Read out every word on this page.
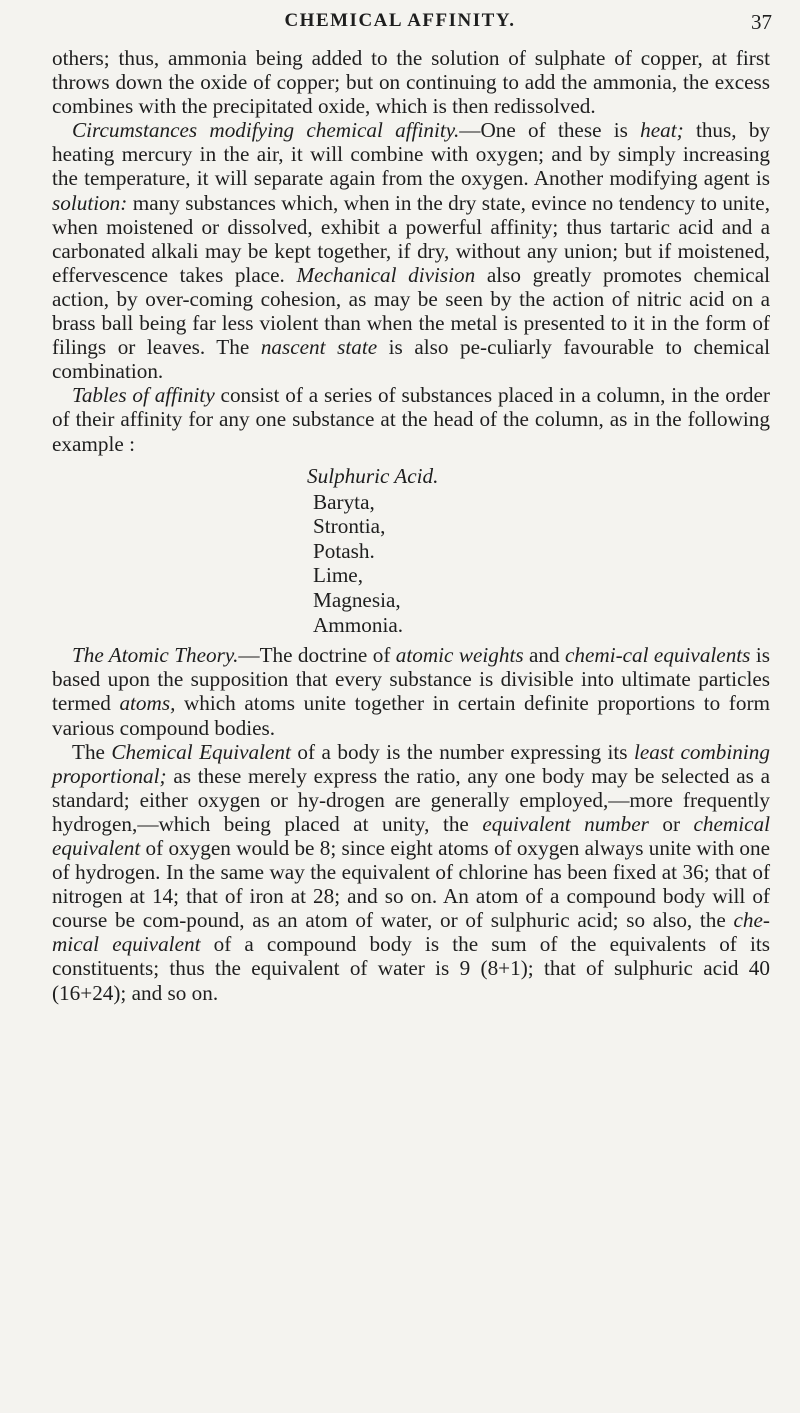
CHEMICAL AFFINITY.	37

others; thus, ammonia being added to the solution of sulphate of copper, at first throws down the oxide of copper; but on continuing to add the ammonia, the excess combines with the precipitated oxide, which is then redissolved.

Circumstances modifying chemical affinity.—One of these is heat; thus, by heating mercury in the air, it will combine with oxygen; and by simply increasing the temperature, it will separate again from the oxygen. Another modifying agent is solution: many substances which, when in the dry state, evince no tendency to unite, when moistened or dissolved, exhibit a powerful affinity; thus tartaric acid and a carbonated alkali may be kept together, if dry, without any union; but if moistened, effervescence takes place. Mechanical division also greatly promotes chemical action, by over-coming cohesion, as may be seen by the action of nitric acid on a brass ball being far less violent than when the metal is presented to it in the form of filings or leaves. The nascent state is also pe-culiarly favourable to chemical combination.

Tables of affinity consist of a series of substances placed in a column, in the order of their affinity for any one substance at the head of the column, as in the following example :

Sulphuric Acid.
Baryta,
Strontia,
Potash.
Lime,
Magnesia,
Ammonia.

The Atomic Theory.—The doctrine of atomic weights and chemi-cal equivalents is based upon the supposition that every substance is divisible into ultimate particles termed atoms, which atoms unite together in certain definite proportions to form various compound bodies.

The Chemical Equivalent of a body is the number expressing its least combining proportional; as these merely express the ratio, any one body may be selected as a standard; either oxygen or hy-drogen are generally employed,—more frequently hydrogen,—which being placed at unity, the equivalent number or chemical equivalent of oxygen would be 8; since eight atoms of oxygen always unite with one of hydrogen. In the same way the equivalent of chlorine has been fixed at 36; that of nitrogen at 14; that of iron at 28; and so on. An atom of a compound body will of course be com-pound, as an atom of water, or of sulphuric acid; so also, the che-mical equivalent of a compound body is the sum of the equivalents of its constituents; thus the equivalent of water is 9 (8+1); that of sulphuric acid 40 (16+24); and so on.
